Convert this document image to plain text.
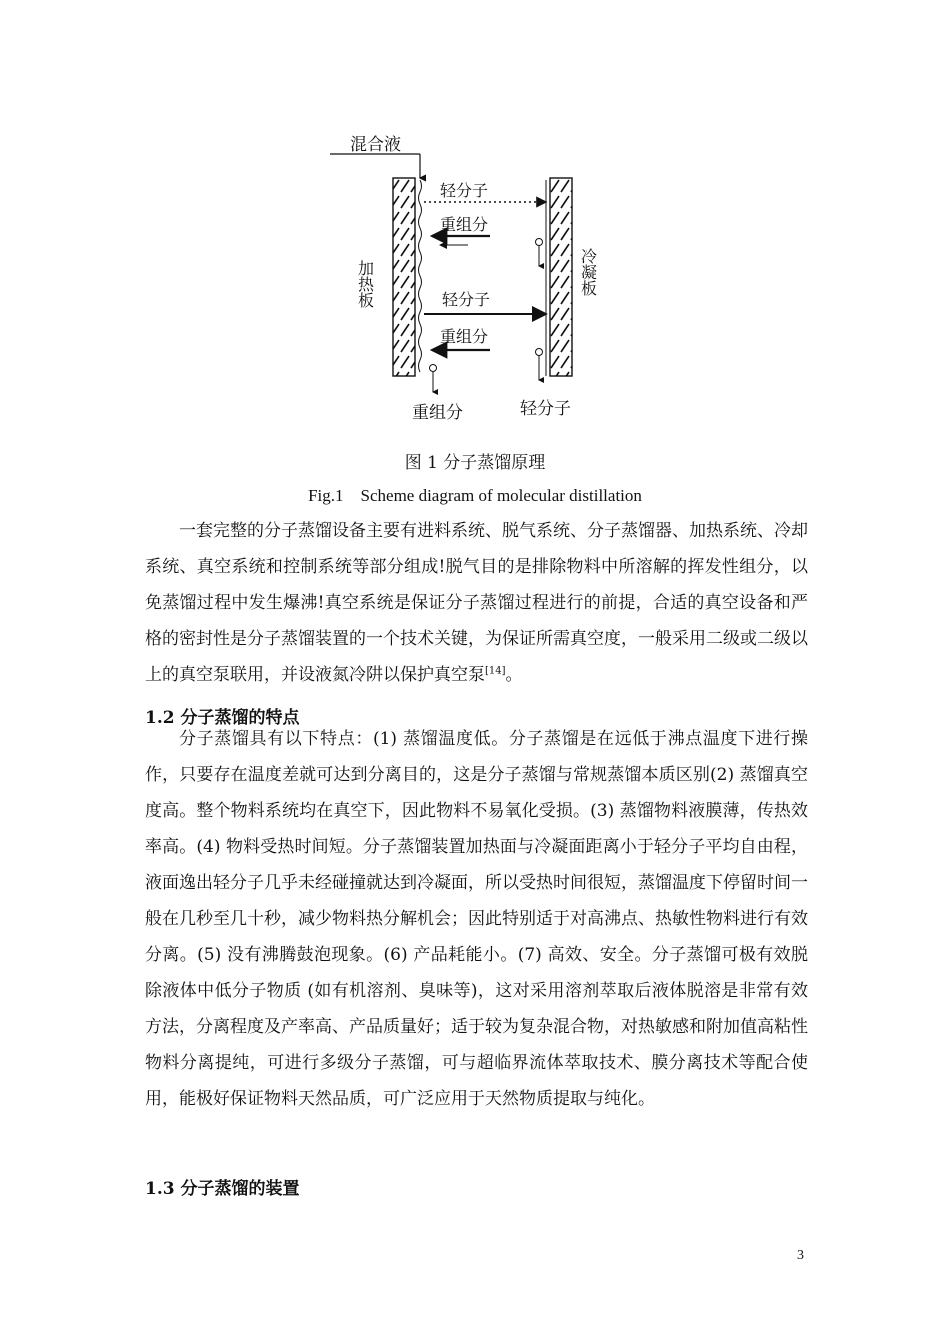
混合液
轻分子
重组分
加热板	冷凝板
轻分子
重组分
重组分	轻分子
图 1 分子蒸馏原理
Fig.1    Scheme diagram of molecular distillation

一套完整的分子蒸馏设备主要有进料系统、脱气系统、分子蒸馏器、加热系统、冷却系统、真空系统和控制系统等部分组成!脱气目的是排除物料中所溶解的挥发性组分，以免蒸馏过程中发生爆沸!真空系统是保证分子蒸馏过程进行的前提，合适的真空设备和严格的密封性是分子蒸馏装置的一个技术关键，为保证所需真空度，一般采用二级或二级以上的真空泵联用，并设液氮冷阱以保护真空泵[14]。

1.2 分子蒸馏的特点

分子蒸馏具有以下特点：(1) 蒸馏温度低。分子蒸馏是在远低于沸点温度下进行操作，只要存在温度差就可达到分离目的，这是分子蒸馏与常规蒸馏本质区别(2) 蒸馏真空度高。整个物料系统均在真空下，因此物料不易氧化受损。(3) 蒸馏物料液膜薄，传热效率高。(4) 物料受热时间短。分子蒸馏装置加热面与冷凝面距离小于轻分子平均自由程，液面逸出轻分子几乎未经碰撞就达到冷凝面，所以受热时间很短，蒸馏温度下停留时间一般在几秒至几十秒，减少物料热分解机会；因此特别适于对高沸点、热敏性物料进行有效分离。(5) 没有沸腾鼓泡现象。(6) 产品耗能小。(7) 高效、安全。分子蒸馏可极有效脱除液体中低分子物质 (如有机溶剂、臭味等)，这对采用溶剂萃取后液体脱溶是非常有效方法，分离程度及产率高、产品质量好；适于较为复杂混合物，对热敏感和附加值高粘性物料分离提纯，可进行多级分子蒸馏，可与超临界流体萃取技术、膜分离技术等配合使用，能极好保证物料天然品质，可广泛应用于天然物质提取与纯化。

1.3 分子蒸馏的装置
3
